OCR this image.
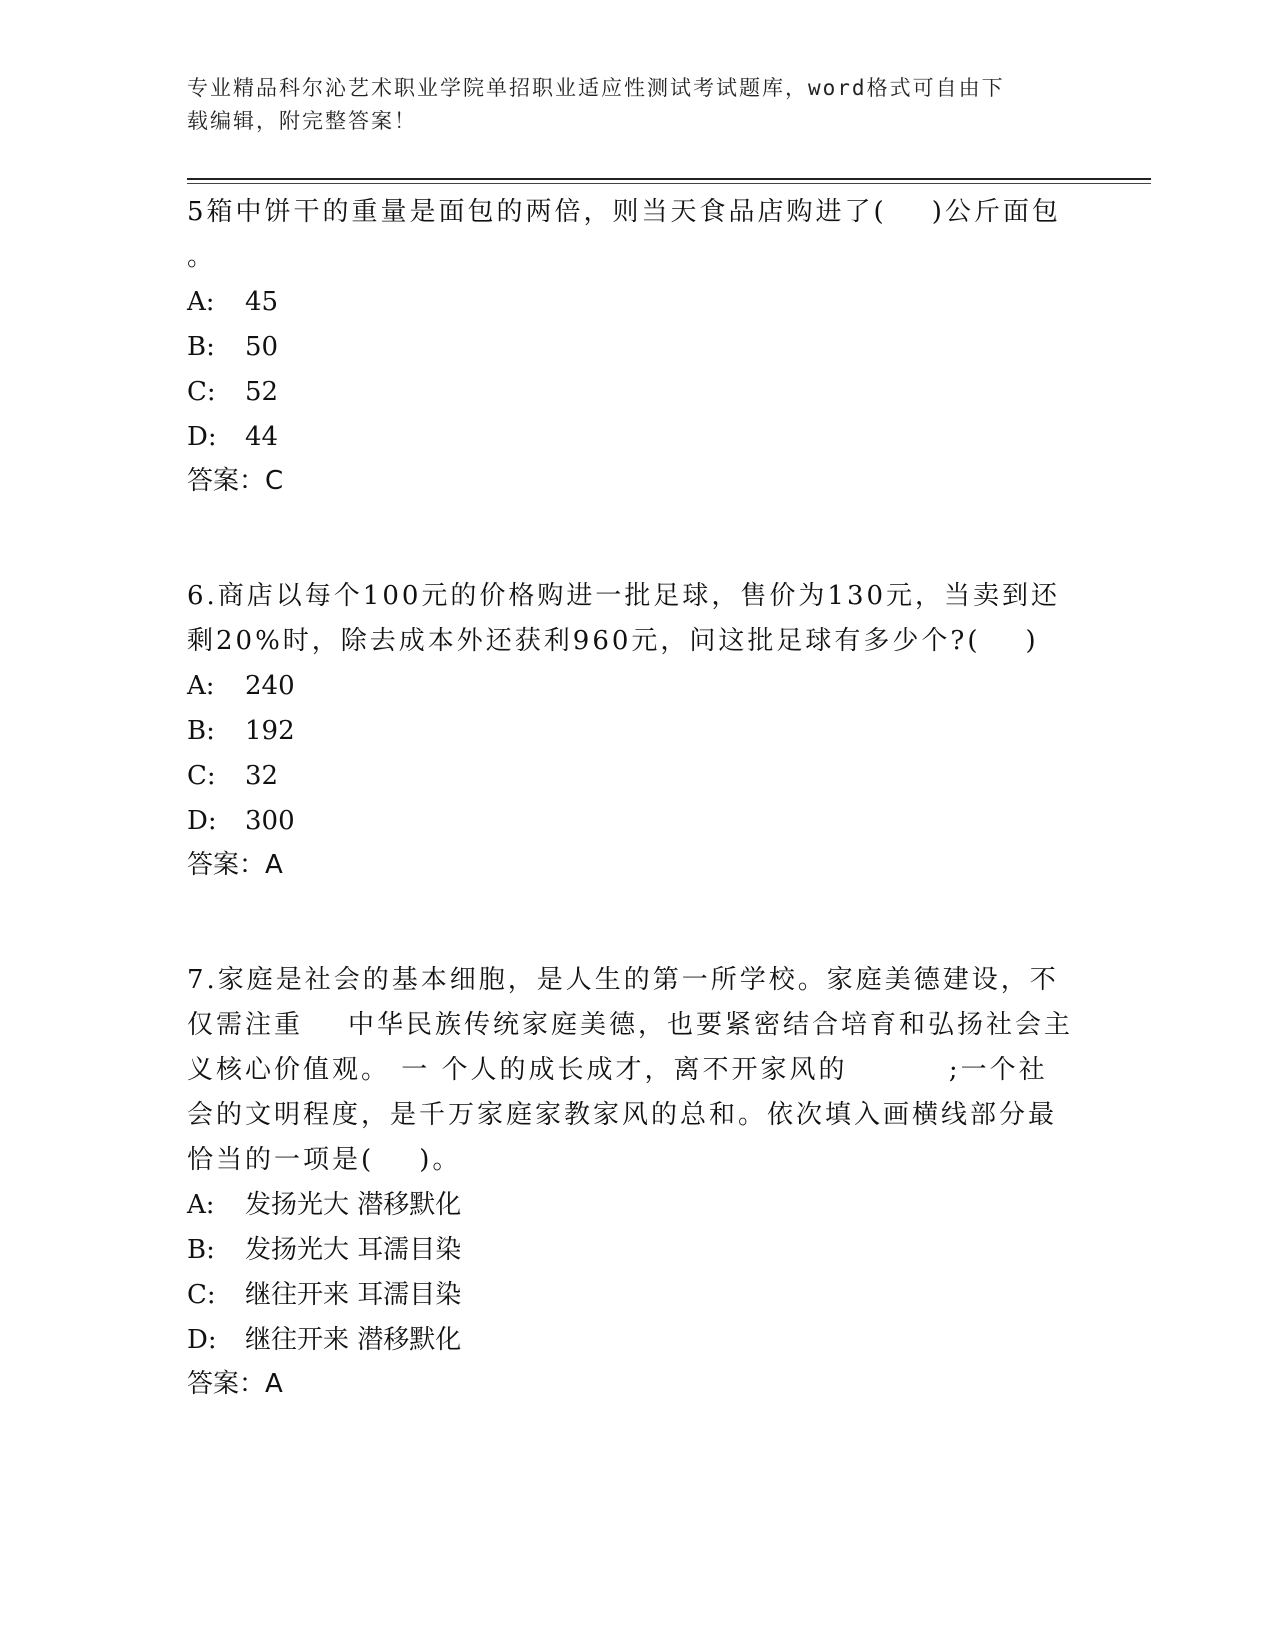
专业精品科尔沁艺术职业学院单招职业适应性测试考试题库，word格式可自由下
载编辑，附完整答案！

5箱中饼干的重量是面包的两倍，则当天食品店购进了(    )公斤面包

。

A: 45

B: 50

C: 52

D: 44

答案：C

6.商店以每个100元的价格购进一批足球，售价为130元，当卖到还

剩20%时，除去成本外还获利960元，问这批足球有多少个?(    )

A: 240

B: 192

C: 32

D: 300

答案：A

7.家庭是社会的基本细胞，是人生的第一所学校。家庭美德建设，不

仅需注重    中华民族传统家庭美德，也要紧密结合培育和弘扬社会主

义核心价值观。 一 个人的成长成才，离不开家风的         ;一个社

会的文明程度，是千万家庭家教家风的总和。依次填入画横线部分最

恰当的一项是(    )。

A: 发扬光大 潜移默化

B: 发扬光大 耳濡目染

C: 继往开来 耳濡目染

D: 继往开来 潜移默化

答案：A
